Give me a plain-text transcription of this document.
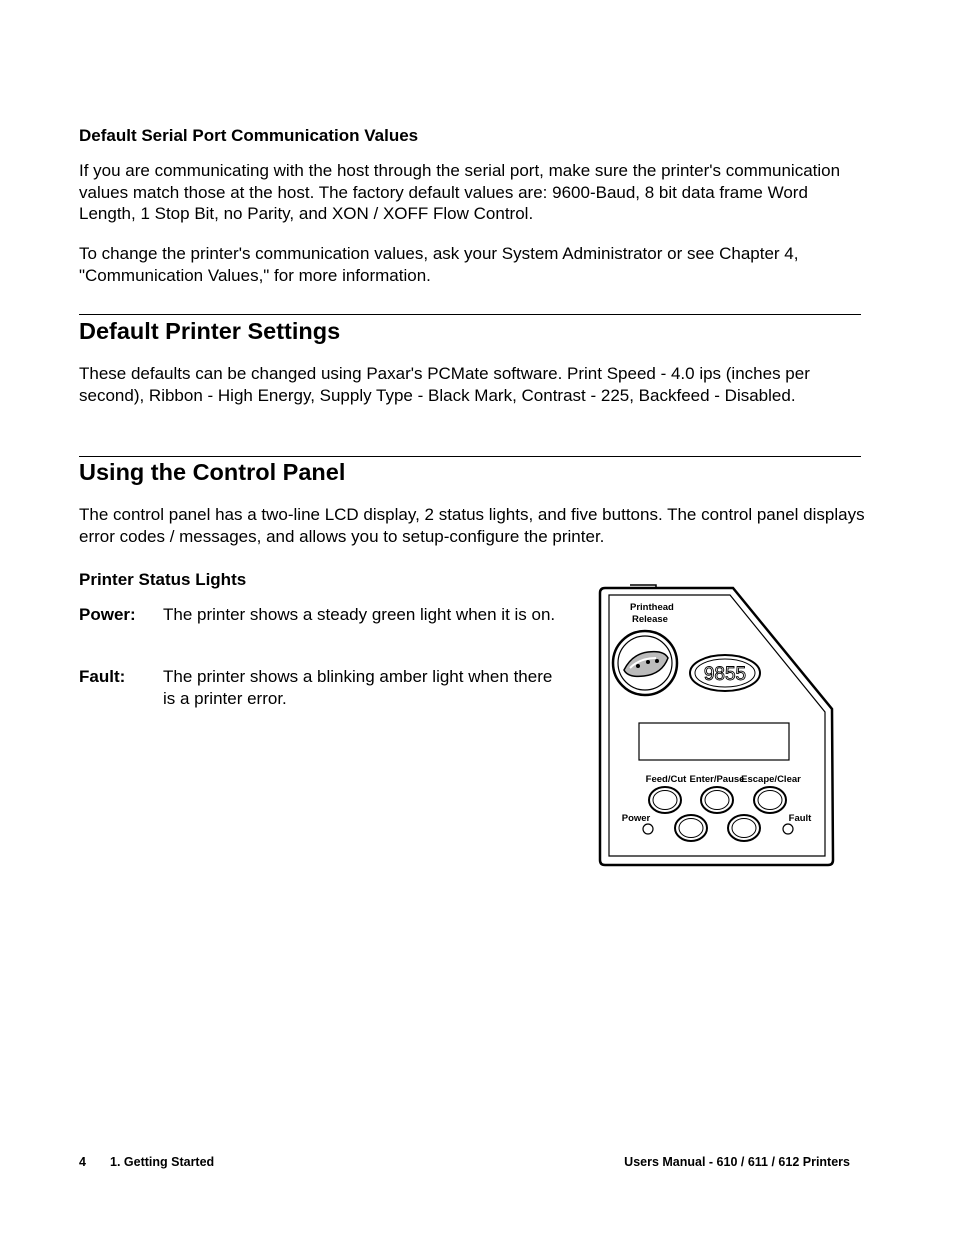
Default Serial Port Communication Values

If you are communicating with the host through the serial port, make sure the printer's communication values match those at the host. The factory default values are: 9600-Baud, 8 bit data frame Word Length, 1 Stop Bit, no Parity, and XON / XOFF Flow Control.

To change the printer's communication values, ask your System Administrator or see Chapter 4, "Communication Values," for more information.

Default Printer Settings

These defaults can be changed using Paxar's PCMate software. Print Speed - 4.0 ips (inches per second), Ribbon - High Energy, Supply Type - Black Mark, Contrast - 225, Backfeed - Disabled.

Using the Control Panel

The control panel has a two-line LCD display, 2 status lights, and five buttons. The control panel displays error codes / messages, and allows you to setup-configure the printer.

Printer Status Lights
Power: The printer shows a steady green light when it is on.

Fault: The printer shows a blinking amber light when there is a printer error.

Printhead
Release
9855
Feed/Cut Enter/Pause
Escape/Clear
Power	Fault
4 1. Getting Started	Users Manual - 610 / 611 / 612 Printers
